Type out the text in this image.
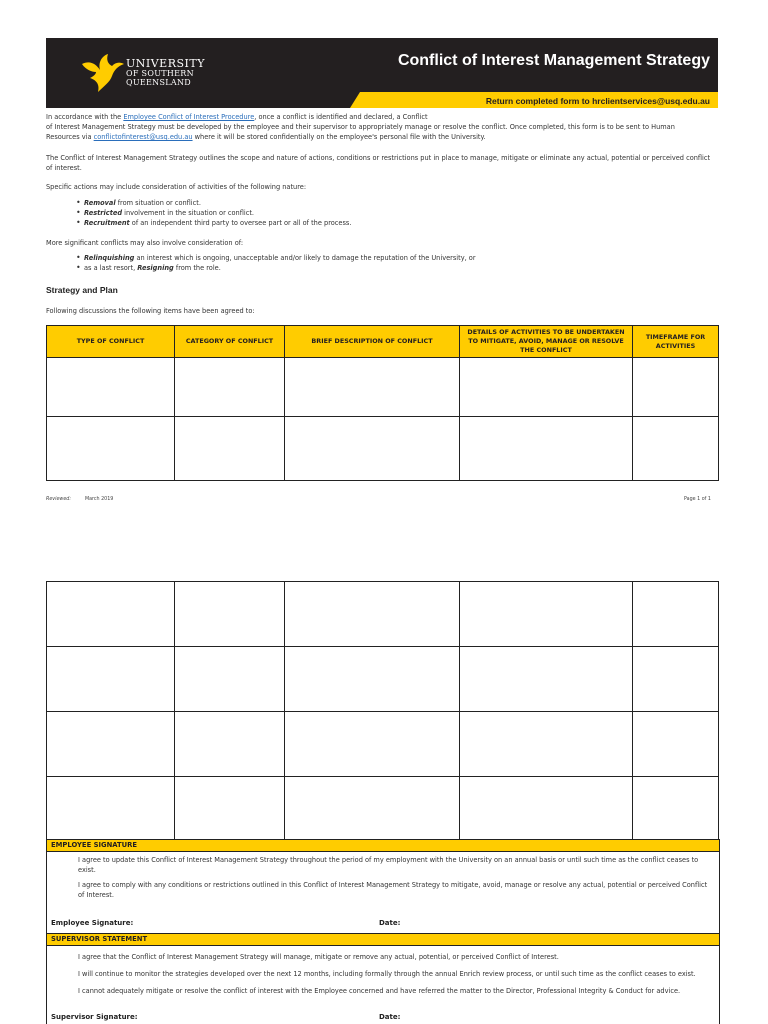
UNIVERSITY
OF SOUTHERN
QUEENSLAND
Conflict of Interest Management Strategy
Return completed form to hrclientservices@usq.edu.au
In accordance with the Employee Conflict of Interest Procedure, once a conflict is identified and declared, a Conflict
of Interest Management Strategy must be developed by the employee and their supervisor to appropriately manage or resolve the conflict. Once completed, this form is to be sent to Human
Resources via conflictofinterest@usq.edu.au where it will be stored confidentially on the employee's personal file with the University.
The Conflict of Interest Management Strategy outlines the scope and nature of actions, conditions or restrictions put in place to manage, mitigate or eliminate any actual, potential or perceived conflict of interest.
Specific actions may include consideration of activities of the following nature:
• Removal from situation or conflict.
• Restricted involvement in the situation or conflict.
• Recruitment of an independent third party to oversee part or all of the process.
More significant conflicts may also involve consideration of:
• Relinquishing an interest which is ongoing, unacceptable and/or likely to damage the reputation of the University, or
• as a last resort, Resigning from the role.
Strategy and Plan
Following discussions the following items have been agreed to:
TYPE OF CONFLICT	CATEGORY OF CONFLICT	BRIEF DESCRIPTION OF CONFLICT	DETAILS OF ACTIVITIES TO BE UNDERTAKEN TO MITIGATE, AVOID, MANAGE OR RESOLVE THE CONFLICT	TIMEFRAME FOR ACTIVITIES

Reviewed:	March 2019	Page 1 of 1

EMPLOYEE SIGNATURE
I agree to update this Conflict of Interest Management Strategy throughout the period of my employment with the University on an annual basis or until such time as the conflict ceases to exist.
I agree to comply with any conditions or restrictions outlined in this Conflict of Interest Management Strategy to mitigate, avoid, manage or resolve any actual, potential or perceived Conflict of Interest.
Employee Signature:	Date:
SUPERVISOR STATEMENT
I agree that the Conflict of Interest Management Strategy will manage, mitigate or remove any actual, potential, or perceived Conflict of Interest.
I will continue to monitor the strategies developed over the next 12 months, including formally through the annual Enrich review process, or until such time as the conflict ceases to exist.
I cannot adequately mitigate or resolve the conflict of interest with the Employee concerned and have referred the matter to the Director, Professional Integrity & Conduct for advice.
Supervisor Signature:	Date:
